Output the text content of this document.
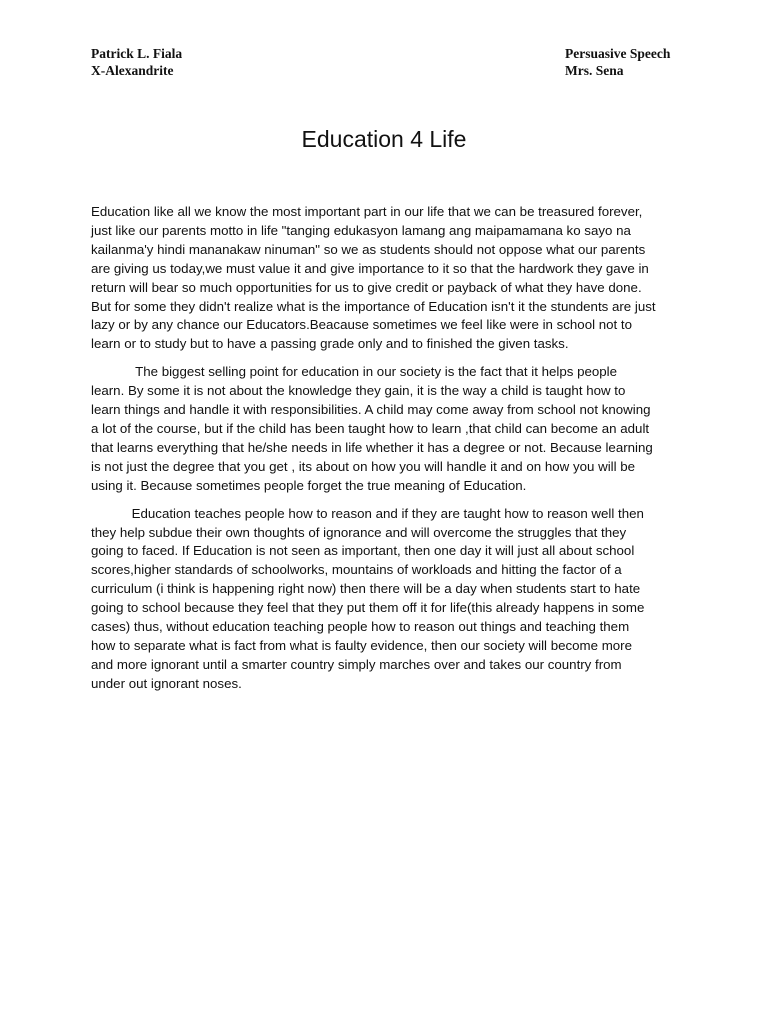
Patrick L. Fiala
X-Alexandrite
Persuasive Speech
Mrs. Sena
Education 4 Life
Education like all we know the most important part in our life that we can be treasured forever,
just like our parents motto in life "tanging edukasyon lamang ang maipamamana ko sayo na
kailanma'y hindi mananakaw ninuman" so we as students should not oppose what our parents
are giving us today,we must value it and give importance to it so that the hardwork they gave in
return will bear so much opportunities for us to give credit or payback of what they have done.
But for some they didn't realize what is the importance of Education isn't it the stundents are just
lazy or by any chance our Educators.Beacause sometimes we feel like were in school not to
learn or to study but to have a passing grade only and to finished the given tasks.
The biggest selling point for education in our society is the fact that it helps people
learn. By some it is not about the knowledge they gain, it is the way a child is taught how to
learn things and handle it with responsibilities. A child may come away from school not knowing
a lot of the course, but if the child has been taught how to learn ,that child can become an adult
that learns everything that he/she needs in life whether it has a degree or not. Because learning
is not just the degree that you get , its about on how you will handle it and on how you will be
using it. Because sometimes people forget the true meaning of Education.
Education teaches people how to reason and if they are taught how to reason well then
they help subdue their own thoughts of ignorance and will overcome the struggles that they
going to faced. If Education is not seen as important, then one day it will just all about school
scores,higher standards of schoolworks, mountains of workloads and hitting the factor of a
curriculum (i think is happening right now) then there will be a day when students start to hate
going to school because they feel that they put them off it for life(this already happens in some
cases) thus, without education teaching people how to reason out things and teaching them
how to separate what is fact from what is faulty evidence, then our society will become more
and more ignorant until a smarter country simply marches over and takes our country from
under out ignorant noses.
